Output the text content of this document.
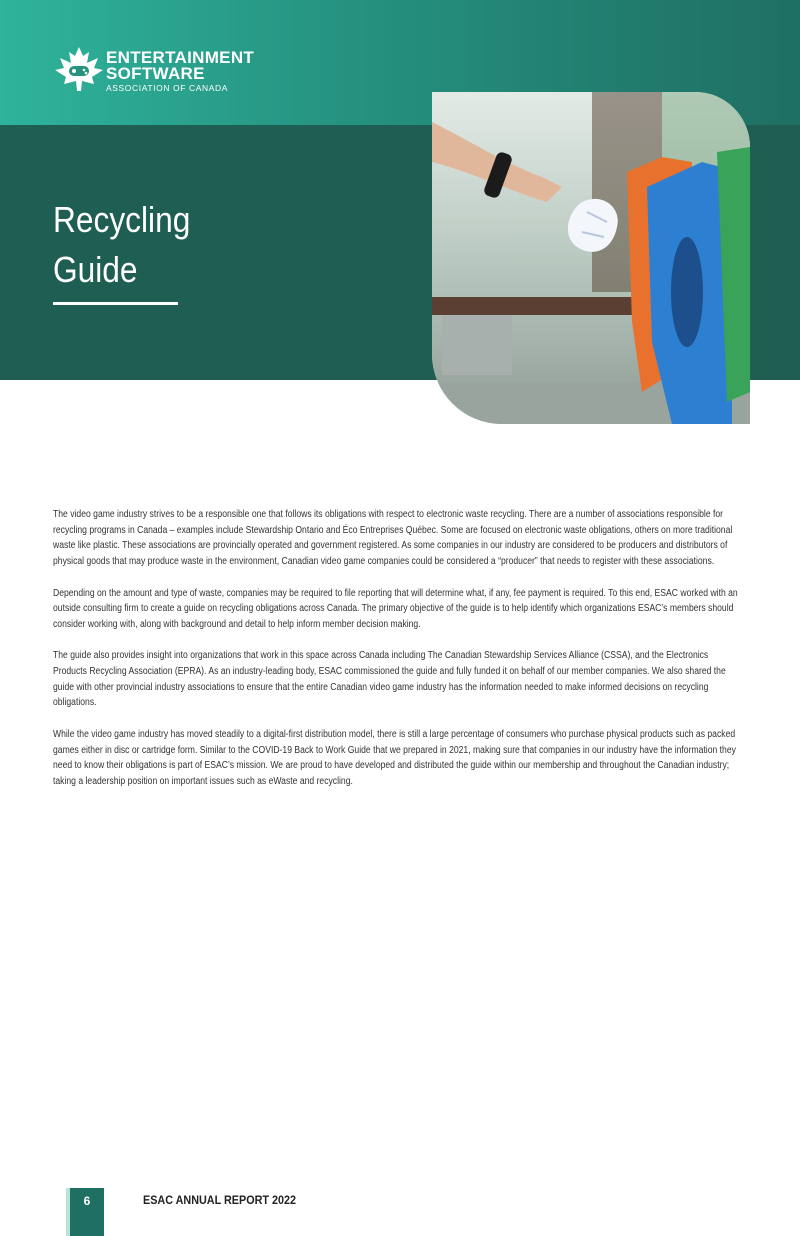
ENTERTAINMENT
SOFTWARE
ASSOCIATION OF CANADA
Recycling
Guide

The video game industry strives to be a responsible one that follows its obligations with respect to electronic waste recycling. There are a number of associations responsible for recycling programs in Canada – examples include Stewardship Ontario and Éco Entreprises Québec. Some are focused on electronic waste obligations, others on more traditional waste like plastic. These associations are provincially operated and government registered. As some companies in our industry are considered to be producers and distributors of physical goods that may produce waste in the environment, Canadian video game companies could be considered a “producer” that needs to register with these associations.

Depending on the amount and type of waste, companies may be required to file reporting that will determine what, if any, fee payment is required. To this end, ESAC worked with an outside consulting firm to create a guide on recycling obligations across Canada. The primary objective of the guide is to help identify which organizations ESAC’s members should consider working with, along with background and detail to help inform member decision making.

The guide also provides insight into organizations that work in this space across Canada including The Canadian Stewardship Services Alliance (CSSA), and the Electronics Products Recycling Association (EPRA). As an industry-leading body, ESAC commissioned the guide and fully funded it on behalf of our member companies. We also shared the guide with other provincial industry associations to ensure that the entire Canadian video game industry has the information needed to make informed decisions on recycling obligations.

While the video game industry has moved steadily to a digital-first distribution model, there is still a large percentage of consumers who purchase physical products such as packed games either in disc or cartridge form. Similar to the COVID-19 Back to Work Guide that we prepared in 2021, making sure that companies in our industry have the information they need to know their obligations is part of ESAC’s mission. We are proud to have developed and distributed the guide within our membership and throughout the Canadian industry; taking a leadership position on important issues such as eWaste and recycling.

6	ESAC ANNUAL REPORT 2022
